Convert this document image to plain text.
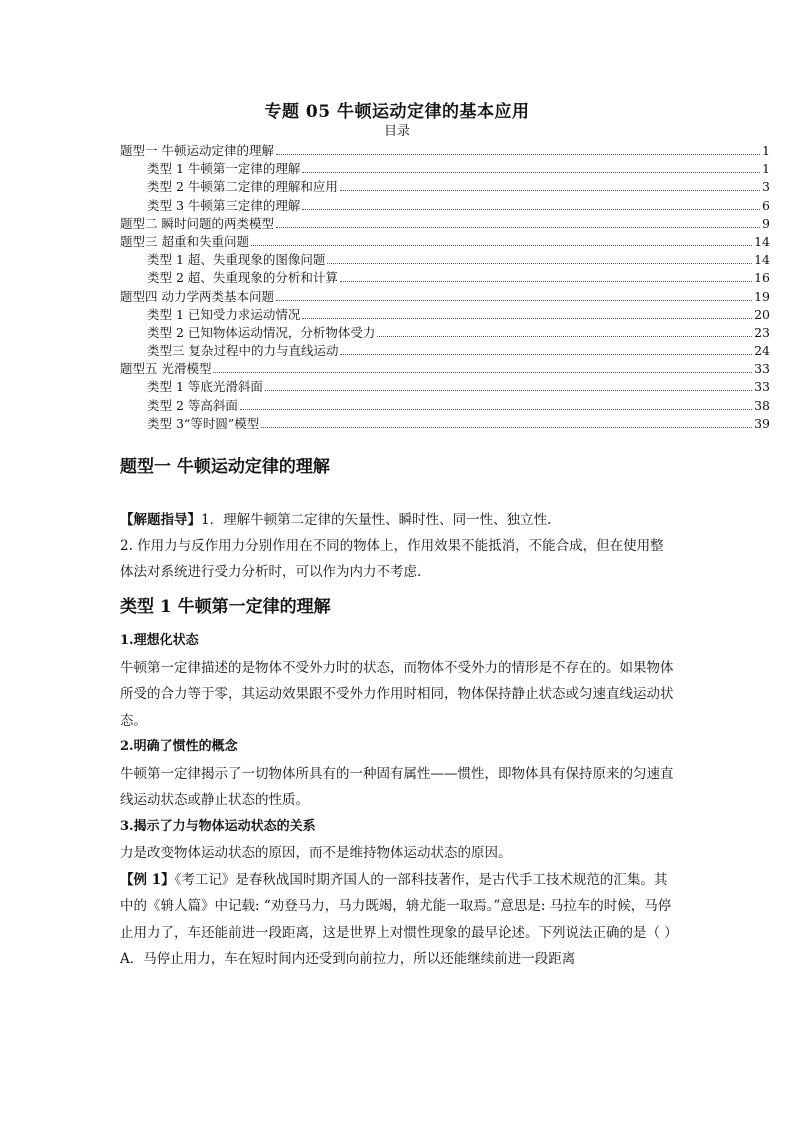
专题 05 牛顿运动定律的基本应用
目录
题型一 牛顿运动定律的理解	1
类型 1 牛顿第一定律的理解	1
类型 2 牛顿第二定律的理解和应用	3
类型 3 牛顿第三定律的理解	6
题型二 瞬时问题的两类模型	9
题型三 超重和失重问题	14
类型 1 超、失重现象的图像问题	14
类型 2 超、失重现象的分析和计算	16
题型四 动力学两类基本问题	19
类型 1 已知受力求运动情况	20
类型 2 已知物体运动情况，分析物体受力	23
类型三 复杂过程中的力与直线运动	24
题型五 光滑模型	33
类型 1 等底光滑斜面	33
类型 2 等高斜面	38
类型 3“等时圆”模型	39
题型一 牛顿运动定律的理解

【解题指导】1．理解牛顿第二定律的矢量性、瞬时性、同一性、独立性.

2. 作用力与反作用力分别作用在不同的物体上，作用效果不能抵消，不能合成，但在使用整体法对系统进行受力分析时，可以作为内力不考虑.

类型 1 牛顿第一定律的理解

1.理想化状态

牛顿第一定律描述的是物体不受外力时的状态，而物体不受外力的情形是不存在的。如果物体所受的合力等于零，其运动效果跟不受外力作用时相同，物体保持静止状态或匀速直线运动状态。

2.明确了惯性的概念

牛顿第一定律揭示了一切物体所具有的一种固有属性——惯性，即物体具有保持原来的匀速直线运动状态或静止状态的性质。

3.揭示了力与物体运动状态的关系

力是改变物体运动状态的原因，而不是维持物体运动状态的原因。

【例 1】《考工记》是春秋战国时期齐国人的一部科技著作，是古代手工技术规范的汇集。其中的《辀人篇》中记载: “劝登马力，马力既竭，辀尤能一取焉。”意思是: 马拉车的时候，马停止用力了，车还能前进一段距离，这是世界上对惯性现象的最早论述。下列说法正确的是（ ）

A．马停止用力，车在短时间内还受到向前拉力，所以还能继续前进一段距离
